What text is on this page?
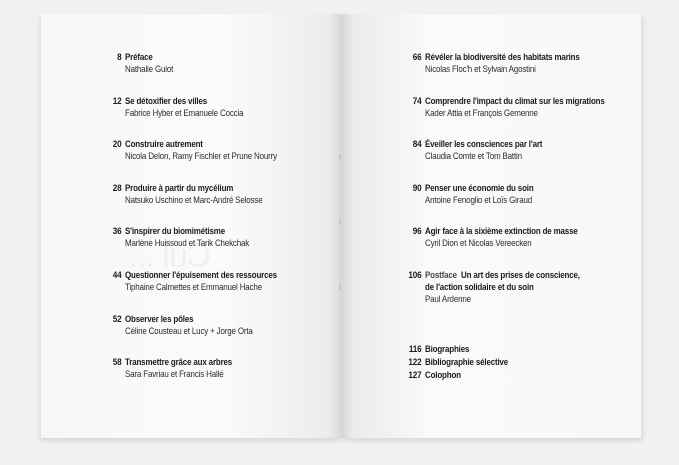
8 Préface
Nathalie Guiot
12 Se détoxifier des villes
Fabrice Hyber et Emanuele Coccia
20 Construire autrement
Nicola Delon, Ramy Fischler et Prune Nourry
28 Produire à partir du mycélium
Natsuko Uschino et Marc-André Selosse
36 S'inspirer du biomimétisme
Marlène Huissoud et Tarik Chekchak
44 Questionner l'épuisement des ressources
Tiphaine Calmettes et Emmanuel Hache
52 Observer les pôles
Céline Cousteau et Lucy + Jorge Orta
58 Transmettre grâce aux arbres
Sara Favriau et Francis Hallé
66 Révéler la biodiversité des habitats marins
Nicolas Floc'h et Sylvain Agostini
74 Comprendre l'impact du climat sur les migrations
Kader Attia et François Gemenne
84 Éveiller les consciences par l'art
Claudia Comte et Tom Battin
90 Penser une économie du soin
Antoine Fenoglio et Loïs Giraud
96 Agir face à la sixième extinction de masse
Cyril Dion et Nicolas Vereecken
106 Postface Un art des prises de conscience,
de l'action solidaire et du soin
Paul Ardenne
116 Biographies
122 Bibliographie sélective
127 Colophon
